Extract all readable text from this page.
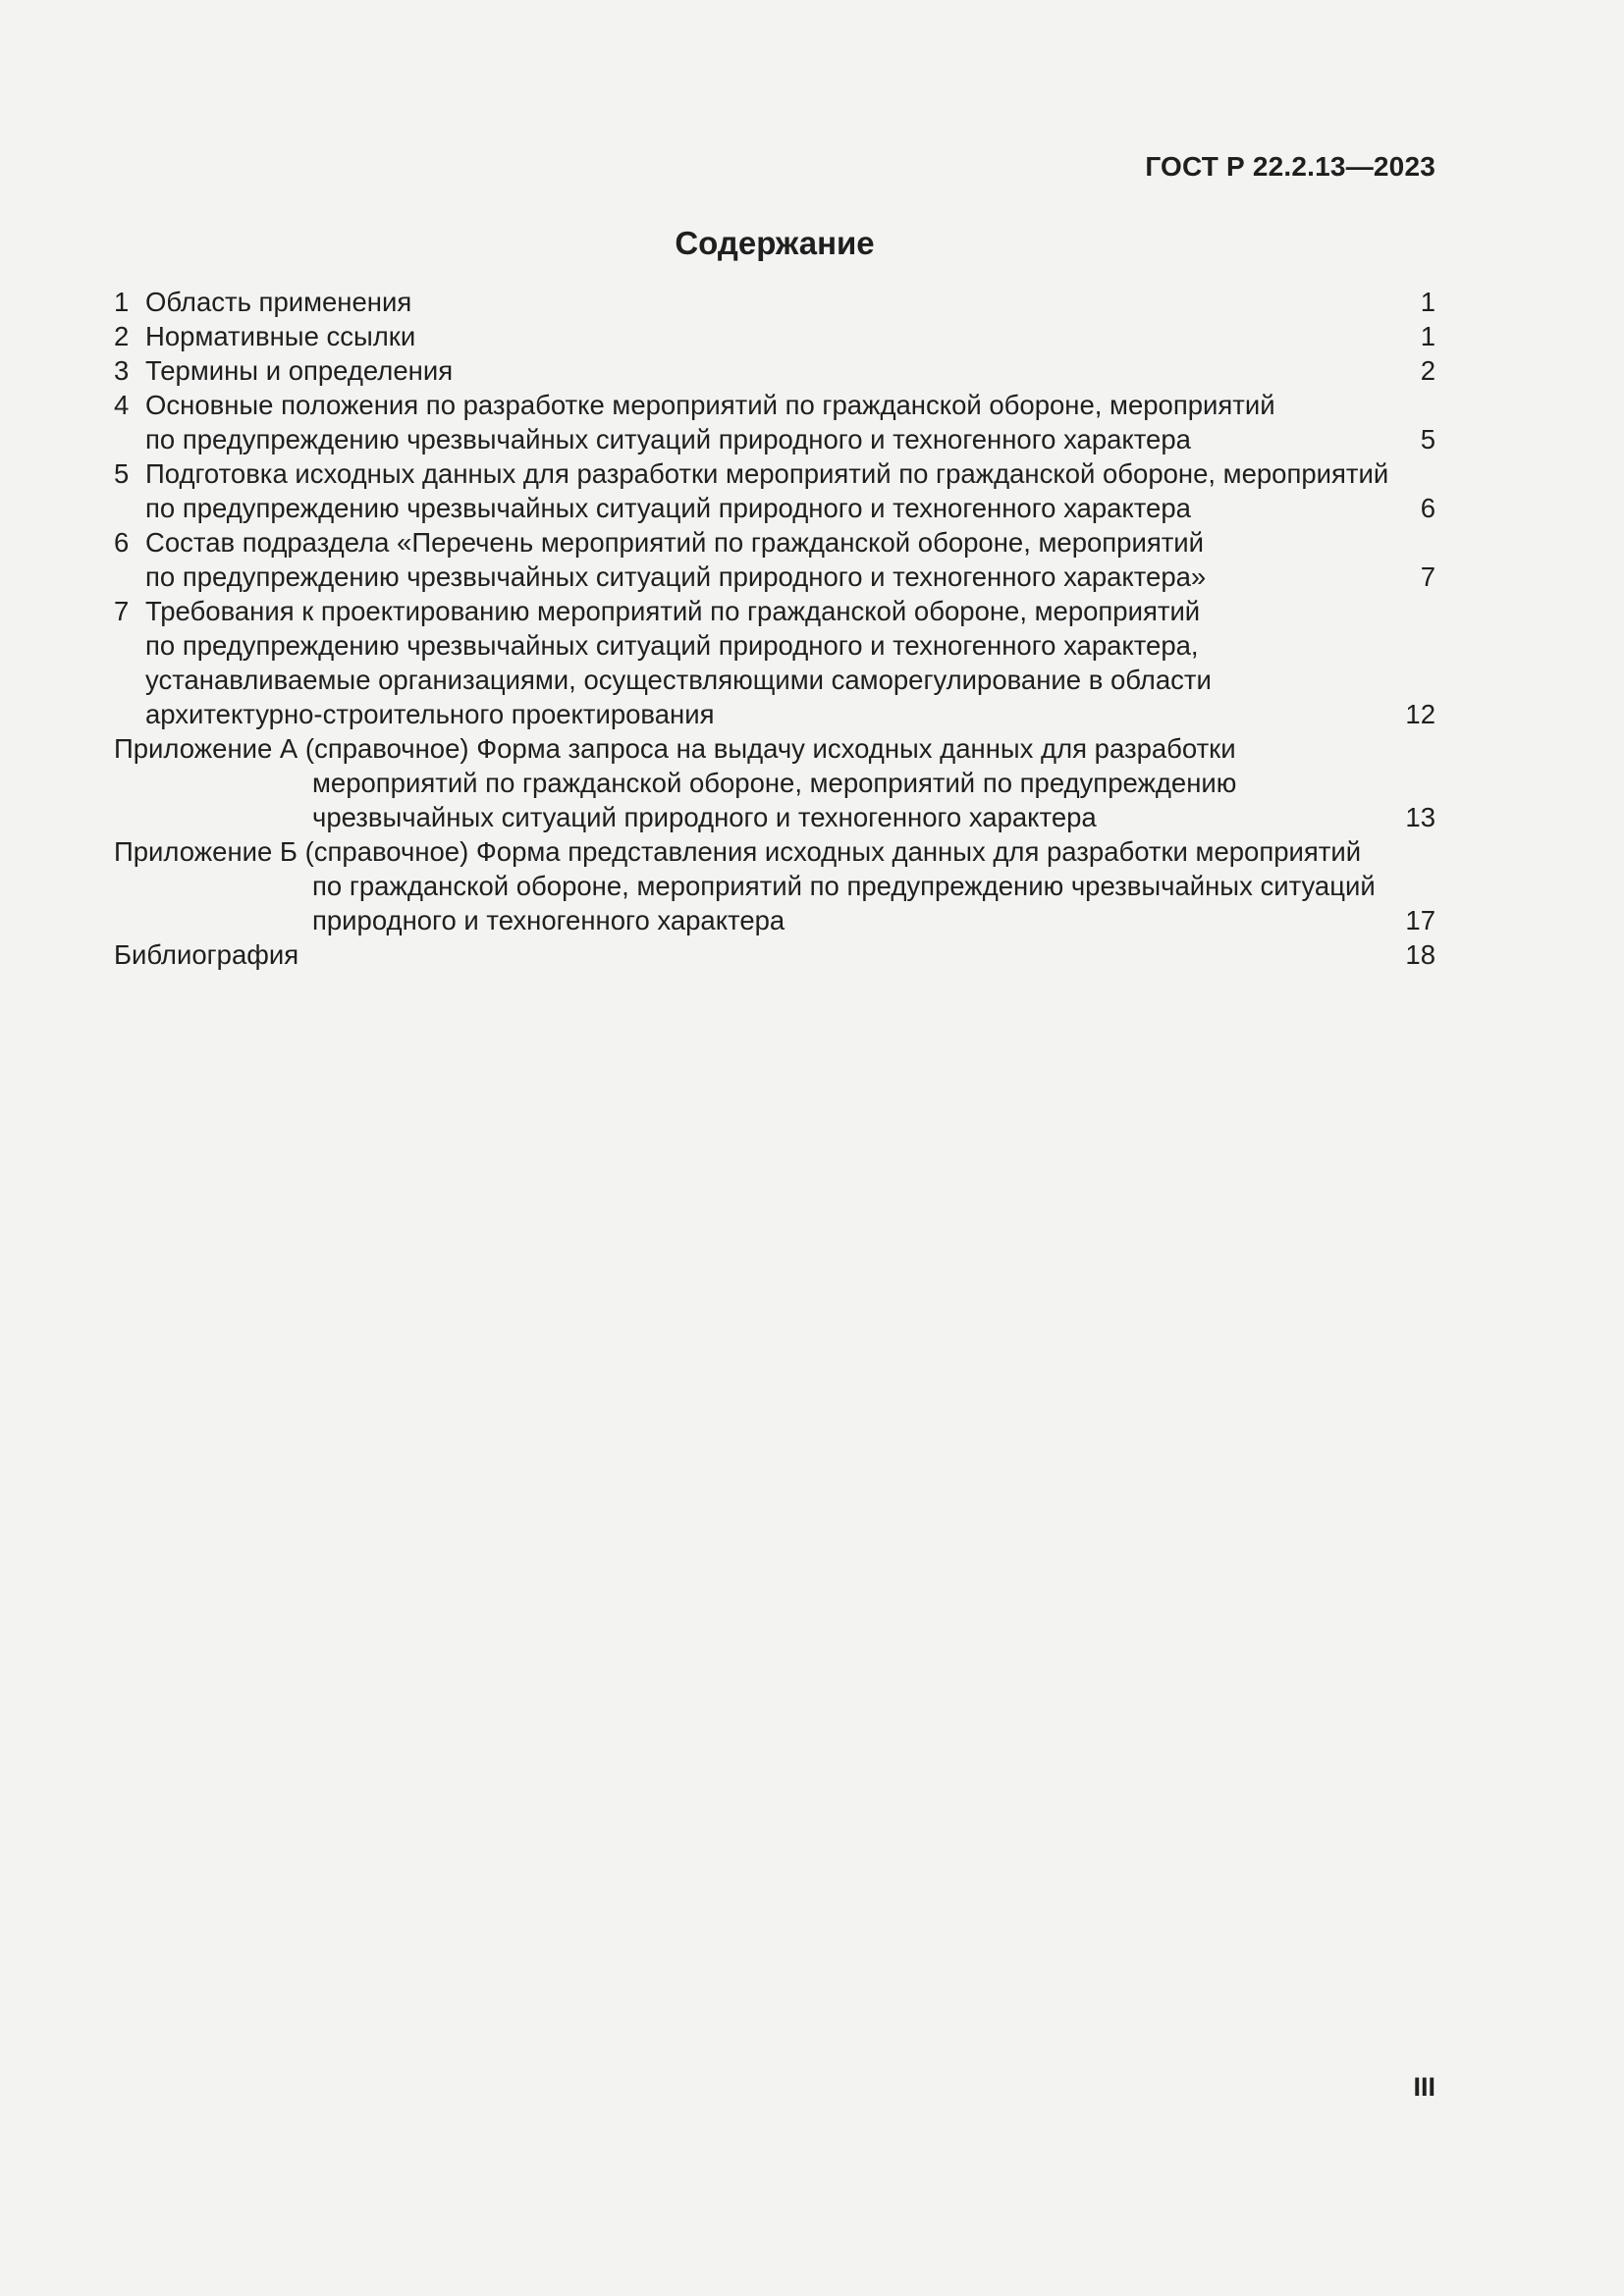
ГОСТ Р 22.2.13—2023
Содержание
1 Область применения	1
2 Нормативные ссылки	1
3 Термины и определения	2
4 Основные положения по разработке мероприятий по гражданской обороне, мероприятий
по предупреждению чрезвычайных ситуаций природного и техногенного характера	5
5 Подготовка исходных данных для разработки мероприятий по гражданской обороне, мероприятий
по предупреждению чрезвычайных ситуаций природного и техногенного характера	6
6 Состав подраздела «Перечень мероприятий по гражданской обороне, мероприятий
по предупреждению чрезвычайных ситуаций природного и техногенного характера»	7
7 Требования к проектированию мероприятий по гражданской обороне, мероприятий
по предупреждению чрезвычайных ситуаций природного и техногенного характера,
устанавливаемые организациями, осуществляющими саморегулирование в области
архитектурно-строительного проектирования	12
Приложение А (справочное) Форма запроса на выдачу исходных данных для разработки
мероприятий по гражданской обороне, мероприятий по предупреждению
чрезвычайных ситуаций природного и техногенного характера	13
Приложение Б (справочное) Форма представления исходных данных для разработки мероприятий
по гражданской обороне, мероприятий по предупреждению чрезвычайных ситуаций
природного и техногенного характера	17
Библиография	18
III
